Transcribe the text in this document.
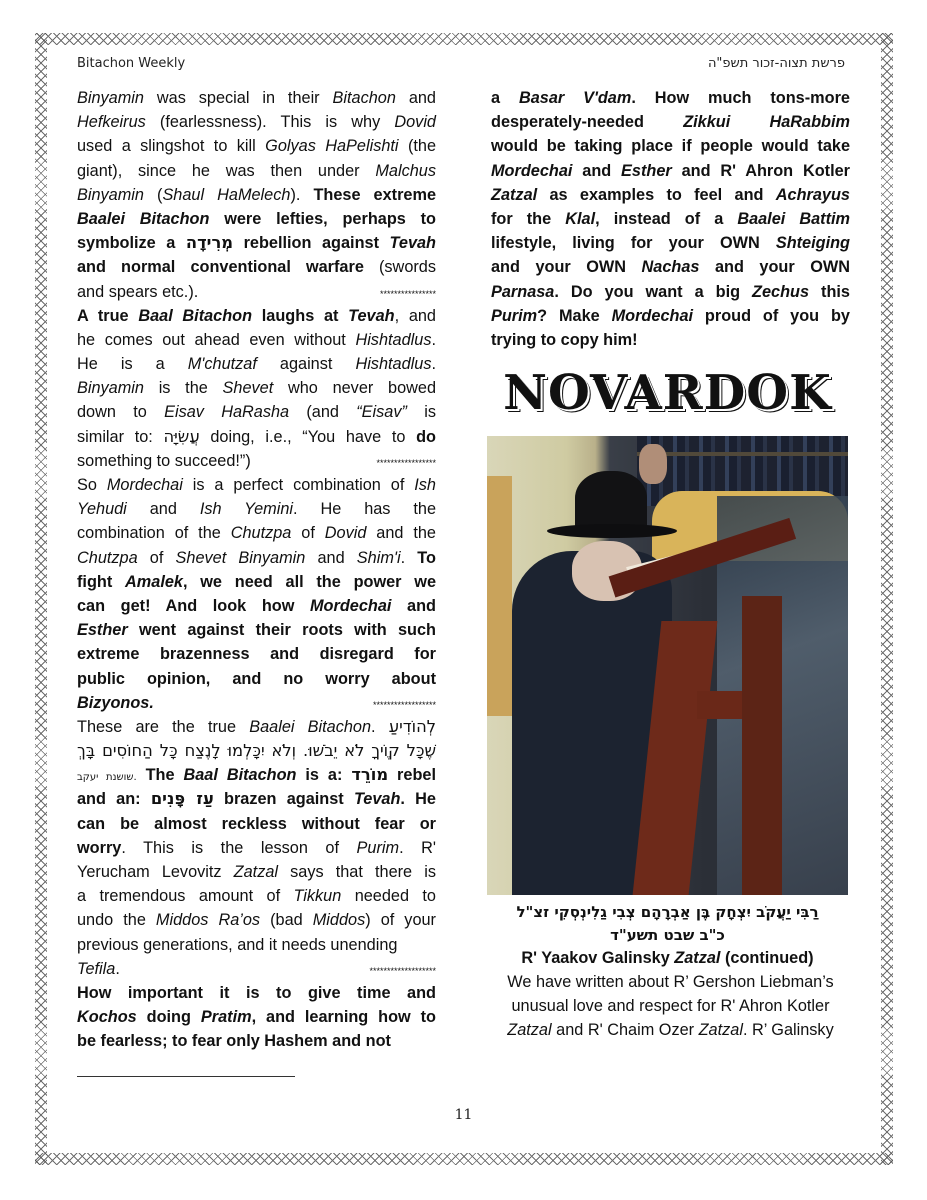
Bitachon Weekly	פרשת תצוה-זכור תשפ"ה
Binyamin was special in their Bitachon and
Hefkeirus (fearlessness). This is why Dovid
used a slingshot to kill Golyas HaPelishti (the
giant), since he was then under Malchus
Binyamin (Shaul HaMelech). These extreme
Baalei Bitachon were lefties, perhaps to
symbolize a מְרִידָה rebellion against Tevah
and normal conventional warfare (swords
and spears etc.).	****************
A true Baal Bitachon laughs at Tevah, and
he comes out ahead even without Hishtadlus.
He is a M'chutzaf against Hishtadlus.
Binyamin is the Shevet who never bowed
down to Eisav HaRasha (and “Eisav” is
similar to: עֲשִׂיָּה doing, i.e., “You have to do
something to succeed!”)	*****************
So Mordechai is a perfect combination of Ish
Yehudi and Ish Yemini. He has the
combination of the Chutzpa of Dovid and the
Chutzpa of Shevet Binyamin and Shim'i. To
fight Amalek, we need all the power we
can get! And look how Mordechai and
Esther went against their roots with such
extreme brazenness and disregard for
public opinion, and no worry about
Bizyonos.	******************
These are the true Baalei Bitachon. לְהוֹדִיעַ
שֶׁכָּל קוֶֹיךָ לֹא יֵבֹשׁוּ. וְלֹא יִכָּלְמוּ לָנֶצַח כָּל הַחוֹסִים בָּךְ
שושנת יעקב. The Baal Bitachon is a: מוֹרֵד rebel
and an: עַז פָּנִים brazen against Tevah. He
can be almost reckless without fear or
worry. This is the lesson of Purim. R'
Yerucham Levovitz Zatzal says that there is
a tremendous amount of Tikkun needed to
undo the Middos Ra’os (bad Middos) of your
previous generations, and it needs unending
Tefila.	*******************
How important it is to give time and
Kochos doing Pratim, and learning how to
be fearless; to fear only Hashem and not
a Basar V'dam. How much tons-more
desperately-needed Zikkui HaRabbim
would be taking place if people would take
Mordechai and Esther and R' Ahron Kotler
Zatzal as examples to feel and Achrayus
for the Klal, instead of a Baalei Battim
lifestyle, living for your OWN Shteiging
and your OWN Nachas and your OWN
Parnasa. Do you want a big Zechus this
Purim? Make Mordechai proud of you by
trying to copy him!
NOVARDOK
רַבִּי יַעֲקֹב יִצְחָק בֶּן אַבְרָהָם צְבִי גַלִינְסְקִי זצ"ל
כ"ב שבט תשע"ד
R' Yaakov Galinsky Zatzal (continued)
We have written about R’ Gershon Liebman’s
unusual love and respect for R' Ahron Kotler
Zatzal and R' Chaim Ozer Zatzal. R’ Galinsky
11
